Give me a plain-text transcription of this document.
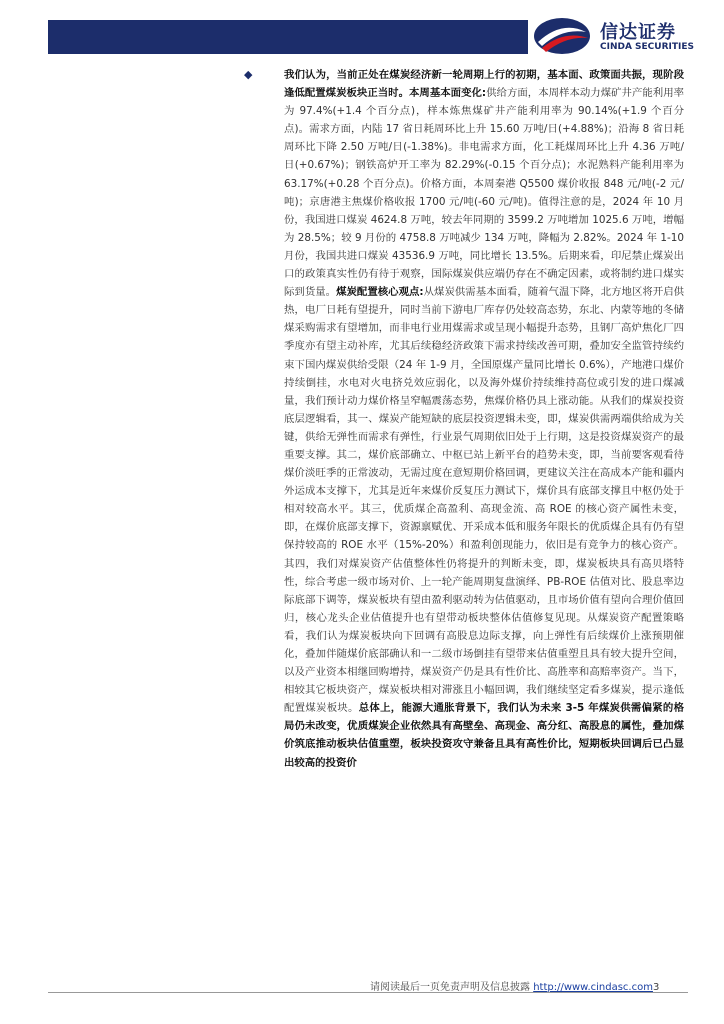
信达证券
CINDA SECURITIES
◆	我们认为，当前正处在煤炭经济新一轮周期上行的初期，基本面、政策面共振，现阶段逢低配置煤炭板块正当时。本周基本面变化:供给方面，本周样本动力煤矿井产能利用率为 97.4%(+1.4 个百分点)，样本炼焦煤矿井产能利用率为 90.14%(+1.9 个百分点)。需求方面，内陆 17 省日耗周环比上升 15.60 万吨/日(+4.88%)；沿海 8 省日耗周环比下降 2.50 万吨/日(-1.38%)。非电需求方面，化工耗煤周环比上升 4.36 万吨/日(+0.67%)；钢铁高炉开工率为 82.29%(-0.15 个百分点)；水泥熟料产能利用率为 63.17%(+0.28 个百分点)。价格方面，本周秦港 Q5500 煤价收报 848 元/吨(-2 元/吨)；京唐港主焦煤价格收报 1700 元/吨(-60 元/吨)。值得注意的是，2024 年 10 月份，我国进口煤炭 4624.8 万吨，较去年同期的 3599.2 万吨增加 1025.6 万吨，增幅为 28.5%；较 9 月份的 4758.8 万吨减少 134 万吨，降幅为 2.82%。2024 年 1-10 月份，我国共进口煤炭 43536.9 万吨，同比增长 13.5%。后期来看，印尼禁止煤炭出口的政策真实性仍有待于观察，国际煤炭供应端仍存在不确定因素，或将制约进口煤实际到货量。煤炭配置核心观点:从煤炭供需基本面看，随着气温下降，北方地区将开启供热，电厂日耗有望提升，同时当前下游电厂库存仍处较高态势，东北、内蒙等地的冬储煤采购需求有望增加，而非电行业用煤需求或呈现小幅提升态势，且钢厂高炉焦化厂四季度亦有望主动补库，尤其后续稳经济政策下需求持续改善可期，叠加安全监管持续约束下国内煤炭供给受限（24 年 1-9 月，全国原煤产量同比增长 0.6%），产地港口煤价持续倒挂，水电对火电挤兑效应弱化，以及海外煤价持续维持高位或引发的进口煤减量，我们预计动力煤价格呈窄幅震荡态势，焦煤价格仍具上涨动能。从我们的煤炭投资底层逻辑看，其一、煤炭产能短缺的底层投资逻辑未变，即，煤炭供需两端供给成为关键，供给无弹性而需求有弹性，行业景气周期依旧处于上行期，这是投资煤炭资产的最重要支撑。其二，煤价底部确立、中枢已站上新平台的趋势未变，即，当前要客观看待煤价淡旺季的正常波动，无需过度在意短期价格回调，更建议关注在高成本产能和疆内外运成本支撑下，尤其是近年来煤价反复压力测试下，煤价具有底部支撑且中枢仍处于相对较高水平。其三，优质煤企高盈利、高现金流、高 ROE 的核心资产属性未变，即，在煤价底部支撑下，资源禀赋优、开采成本低和服务年限长的优质煤企具有仍有望保持较高的 ROE 水平（15%-20%）和盈利创现能力，依旧是有竞争力的核心资产。其四，我们对煤炭资产估值整体性仍将提升的判断未变，即，煤炭板块具有高贝塔特性，综合考虑一级市场对价、上一轮产能周期复盘演绎、PB-ROE 估值对比、股息率边际底部下调等，煤炭板块有望由盈利驱动转为估值驱动，且市场价值有望向合理价值回归，核心龙头企业估值提升也有望带动板块整体估值修复见现。从煤炭资产配置策略看，我们认为煤炭板块向下回调有高股息边际支撑，向上弹性有后续煤价上涨预期催化，叠加伴随煤价底部确认和一二级市场倒挂有望带来估值重塑且具有较大提升空间，以及产业资本相继回购增持，煤炭资产仍是具有性价比、高胜率和高赔率资产。当下，相较其它板块资产，煤炭板块相对滞涨且小幅回调，我们继续坚定看多煤炭，提示逢低配置煤炭板块。总体上，能源大通胀背景下，我们认为未来 3-5 年煤炭供需偏紧的格局仍未改变，优质煤炭企业依然具有高壁垒、高现金、高分红、高股息的属性，叠加煤价筑底推动板块估值重塑，板块投资攻守兼备且具有高性价比，短期板块回调后已凸显出较高的投资价

请阅读最后一页免责声明及信息披露 http://www.cindasc.com3
